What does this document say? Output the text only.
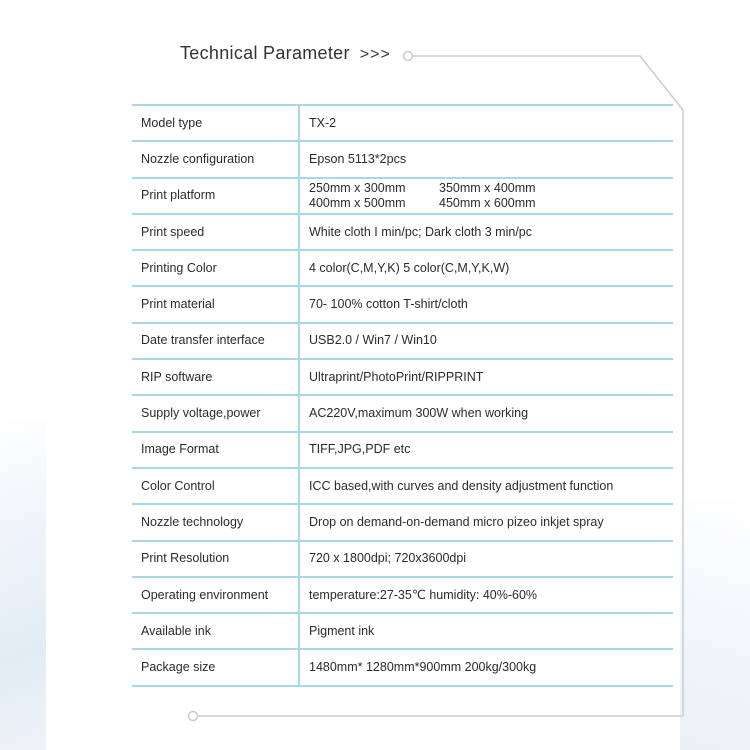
Technical Parameter >>>
Model type	TX-2
Nozzle configuration	Epson 5113*2pcs
Print platform	250mm x 300mm 350mm x 400mm
400mm x 500mm 450mm x 600mm

Print speed	White cloth I min/pc; Dark cloth 3 min/pc
Printing Color	4 color(C,M,Y,K) 5 color(C,M,Y,K,W)
Print material	70- 100% cotton T-shirt/cloth
Date transfer interface	USB2.0 / Win7 / Win10
RIP software	Ultraprint/PhotoPrint/RIPPRINT
Supply voltage,power	AC220V,maximum 300W when working
Image Format	TIFF,JPG,PDF etc
Color Control	ICC based,with curves and density adjustment function
Nozzle technology	Drop on demand-on-demand micro pizeo inkjet spray
Print Resolution	720 x 1800dpi; 720x3600dpi
Operating environment	temperature:27-35℃ humidity: 40%-60%
Available ink	Pigment ink
Package size	1480mm* 1280mm*900mm 200kg/300kg
